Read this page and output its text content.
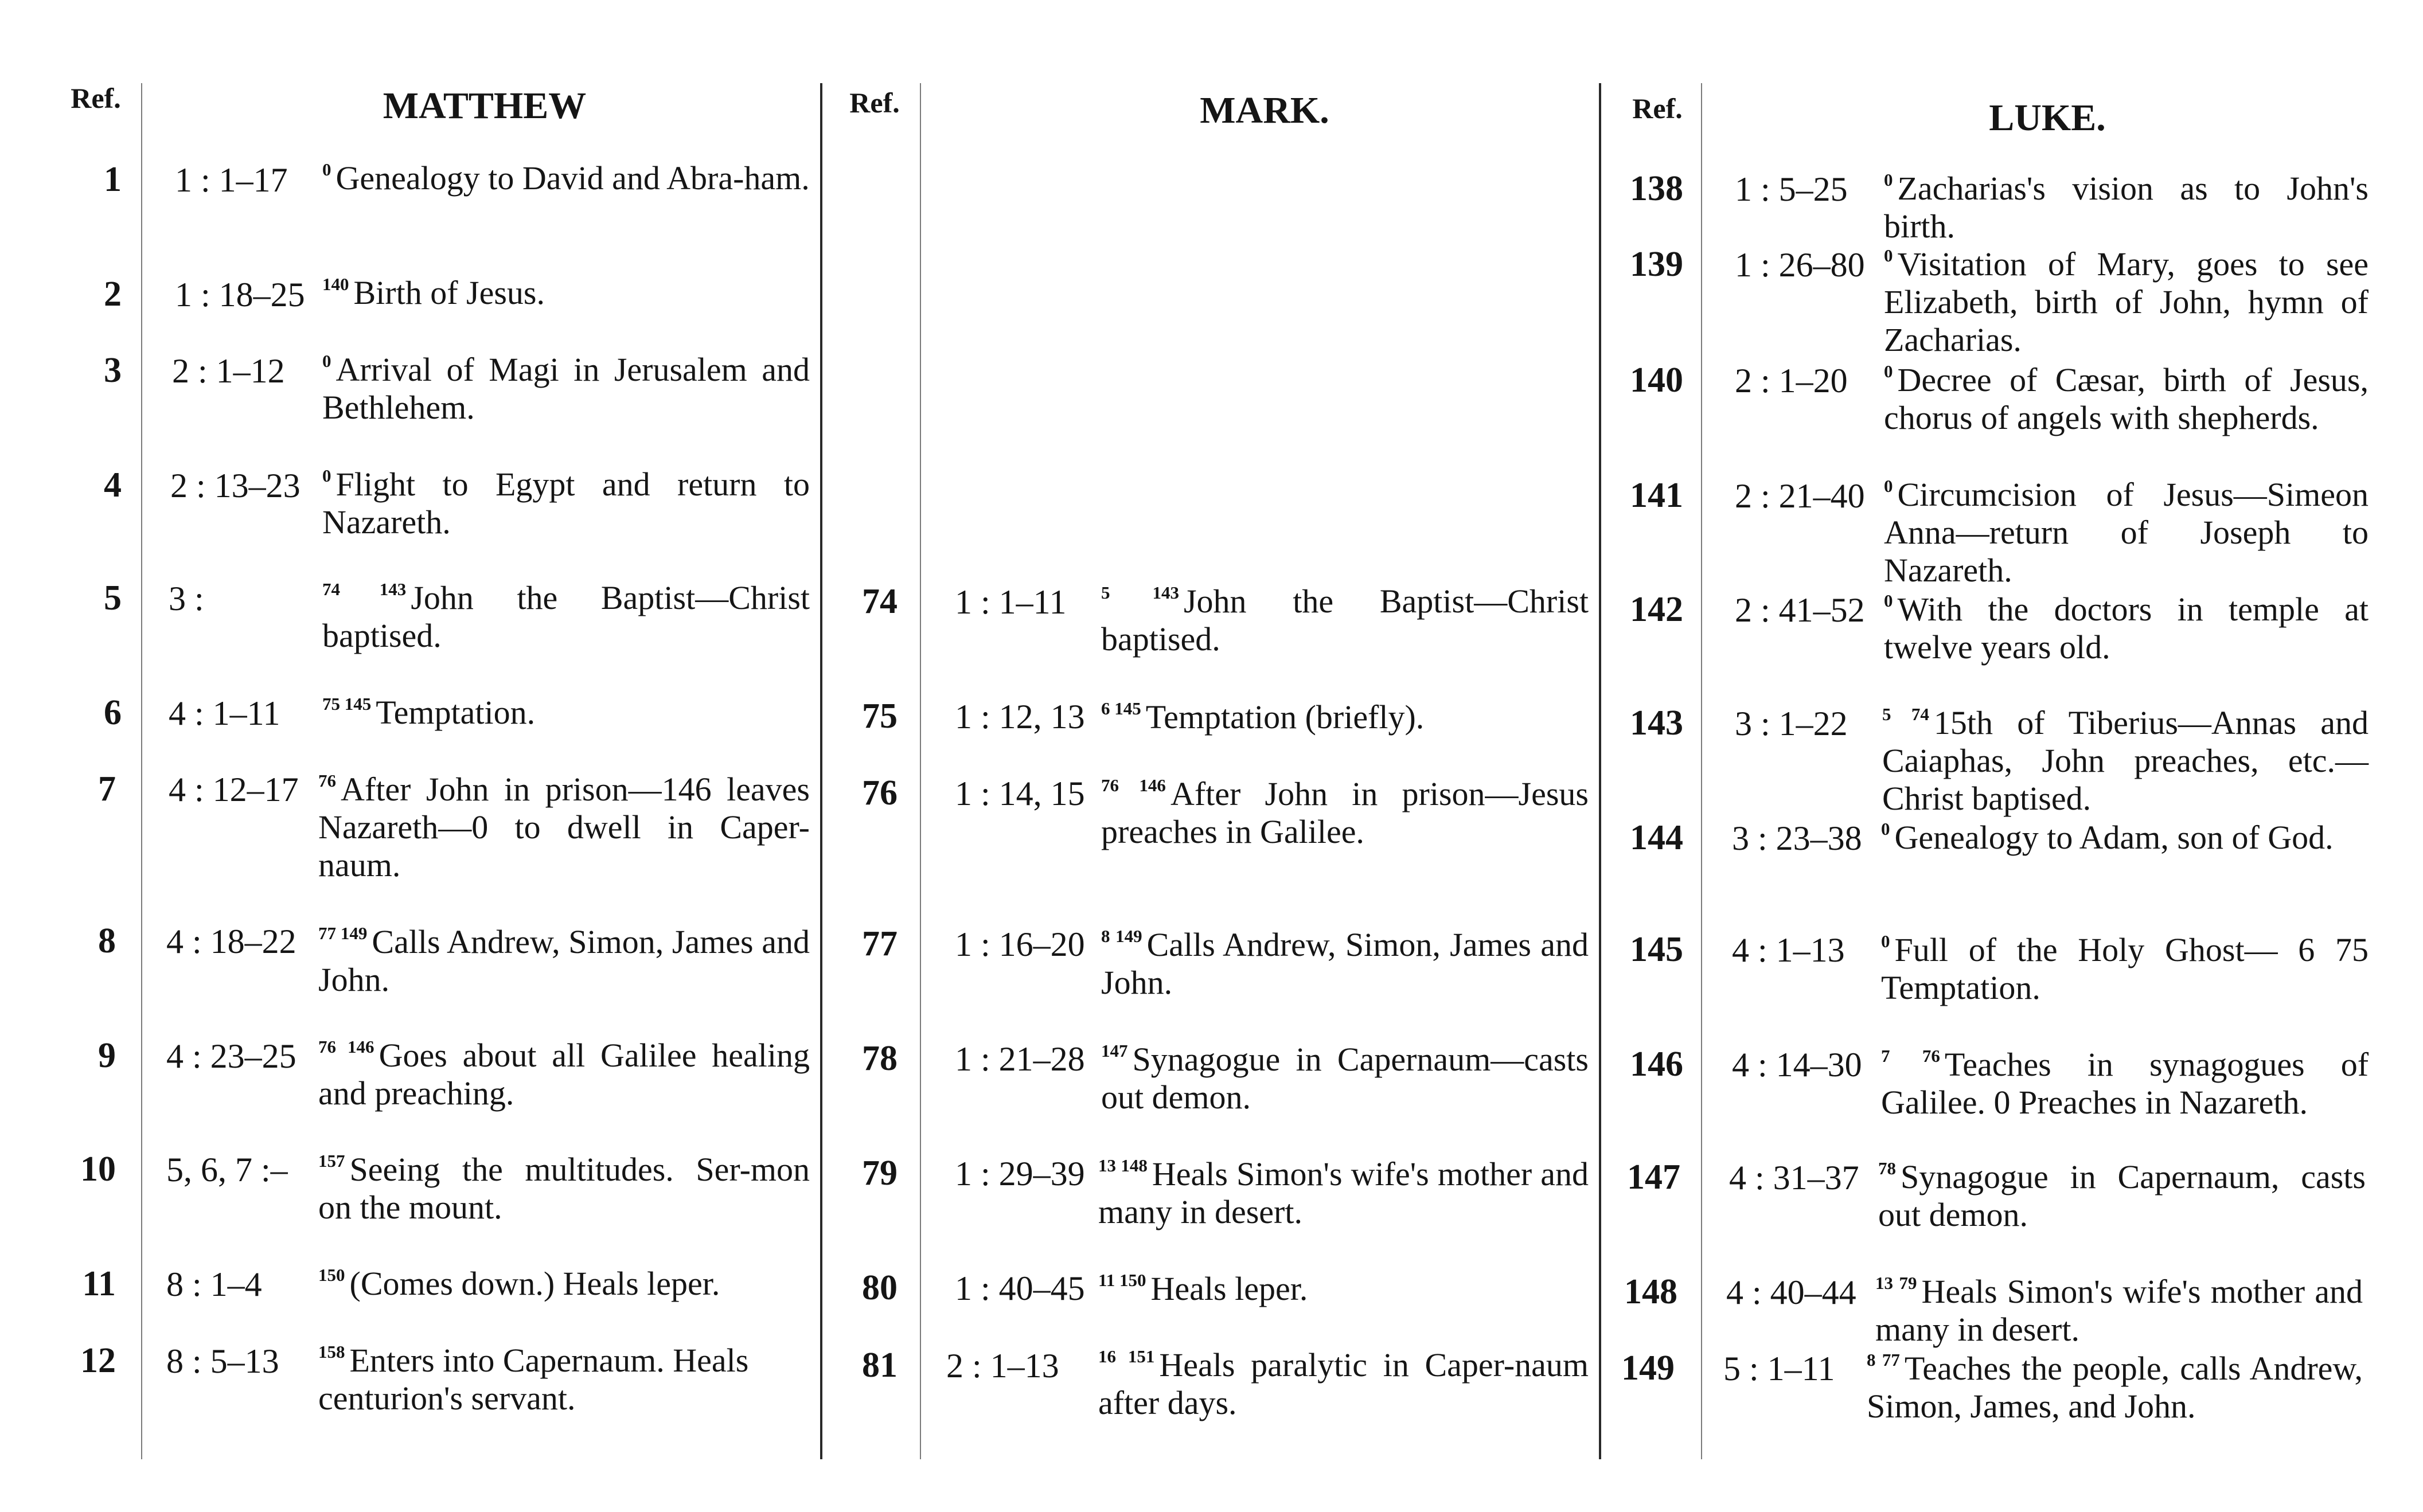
Ref.	MATTHEW	Ref.	MARK.	Ref.	LUKE.
1 1 : 1–17 $^0$ Genealogy to David and Abra-ham.
2 1 : 18–25 $^{140}$ Birth of Jesus.
3 2 : 1–12 $^0$ Arrival of Magi in Jerusalem and Bethlehem.
4 2 : 13–23 $^0$ Flight to Egypt and return to Nazareth.
5 3 :	$^{74 143}$ John the Baptist—Christ baptised.
6 4 : 1–11 $^{75 145}$ Temptation.
7 4 : 12–17 $^{76}$ After John in prison—146 leaves Nazareth—0 to dwell in Caper-naum.
8 4 : 18–22 $^{77 149}$ Calls Andrew, Simon, James and John.
9 4 : 23–25 $^{76 146}$ Goes about all Galilee healing and preaching.
10 5, 6, 7 :– $^{157}$ Seeing the multitudes. Ser-mon on the mount.
11 8 : 1–4	$^{150}$ (Comes down.) Heals leper.
12 8 : 5–13 $^{158}$ Enters into Capernaum. Heals centurion's servant.
74 1 : 1–11 $^{5 143}$ John the Baptist—Christ baptised.
75 1 : 12, 13 $^{6 145}$ Temptation (briefly).
76 1 : 14, 15 $^{76 146}$ After John in prison—Jesus preaches in Galilee.
77 1 : 16–20 $^{8 149}$ Calls Andrew, Simon, James and John.
78 1 : 21–28 $^{147}$ Synagogue in Capernaum—casts out demon.
79 1 : 29–39 $^{13 148}$ Heals Simon's wife's mother and many in desert.
80 1 : 40–45 $^{11 150}$ Heals leper.
81 2 : 1–13 $^{16 151}$ Heals paralytic in Caper-naum after days.
138 1 : 5–25 $^0$ Zacharias's vision as to John's birth.
139 1 : 26–80 $^0$ Visitation of Mary, goes to see Elizabeth, birth of John, hymn of Zacharias.
140 2 : 1–20 $^0$ Decree of Cæsar, birth of Jesus, chorus of angels with shepherds.
141 2 : 21–40 $^0$ Circumcision of Jesus—Simeon Anna—return of Joseph to Nazareth.
142 2 : 41–52 $^0$ With the doctors in temple at twelve years old.
143 3 : 1–22 $^{5 74}$ 15th of Tiberius—Annas and Caiaphas, John preaches, etc.—Christ baptised.
144 3 : 23–38 $^0$ Genealogy to Adam, son of God.
145 4 : 1–13 $^0$ Full of the Holy Ghost— 6 75 Temptation.
146 4 : 14–30 $^{7 76}$ Teaches in synagogues of Galilee. 0 Preaches in Nazareth.
147 4 : 31–37 $^{78}$ Synagogue in Capernaum, casts out demon.
148 4 : 40–44 $^{13 79}$ Heals Simon's wife's mother and many in desert.
149 5 : 1–11 $^{8 77}$ Teaches the people, calls Andrew, Simon, James, and John.
